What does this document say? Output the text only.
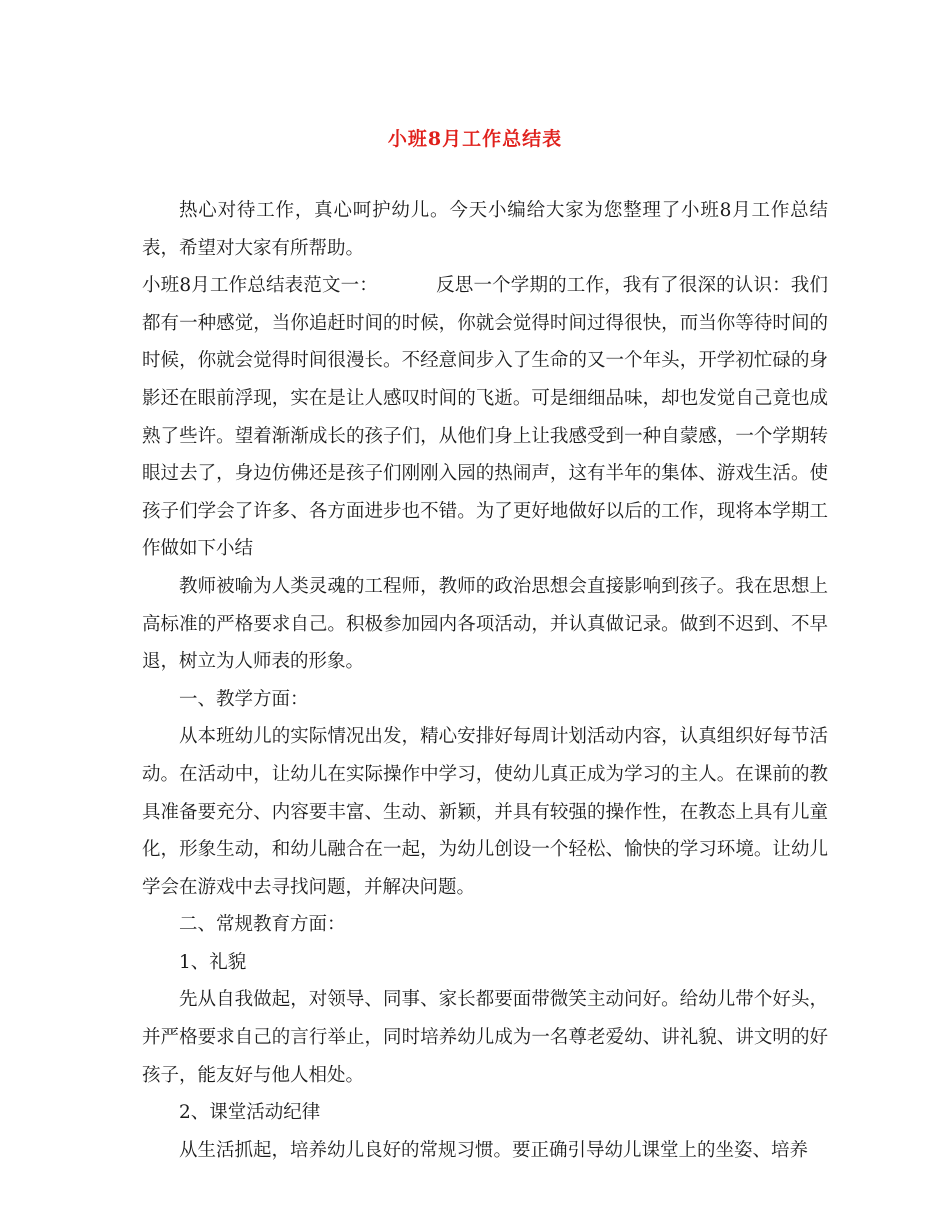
小班8月工作总结表

热心对待工作，真心呵护幼儿。今天小编给大家为您整理了小班8月工作总结表，希望对大家有所帮助。

小班8月工作总结表范文一：	反思一个学期的工作，我有了很深的认识：我们都有一种感觉，当你追赶时间的时候，你就会觉得时间过得很快，而当你等待时间的时候，你就会觉得时间很漫长。不经意间步入了生命的又一个年头，开学初忙碌的身影还在眼前浮现，实在是让人感叹时间的飞逝。可是细细品味，却也发觉自己竟也成熟了些许。望着渐渐成长的孩子们，从他们身上让我感受到一种自蒙感，一个学期转眼过去了，身边仿佛还是孩子们刚刚入园的热闹声，这有半年的集体、游戏生活。使孩子们学会了许多、各方面进步也不错。为了更好地做好以后的工作，现将本学期工作做如下小结

教师被喻为人类灵魂的工程师，教师的政治思想会直接影响到孩子。我在思想上高标准的严格要求自己。积极参加园内各项活动，并认真做记录。做到不迟到、不早退，树立为人师表的形象。

一、教学方面：

从本班幼儿的实际情况出发，精心安排好每周计划活动内容，认真组织好每节活动。在活动中，让幼儿在实际操作中学习，使幼儿真正成为学习的主人。在课前的教具准备要充分、内容要丰富、生动、新颖，并具有较强的操作性，在教态上具有儿童化，形象生动，和幼儿融合在一起，为幼儿创设一个轻松、愉快的学习环境。让幼儿学会在游戏中去寻找问题，并解决问题。

二、常规教育方面：

1、礼貌

先从自我做起，对领导、同事、家长都要面带微笑主动问好。给幼儿带个好头，并严格要求自己的言行举止，同时培养幼儿成为一名尊老爱幼、讲礼貌、讲文明的好孩子，能友好与他人相处。

2、课堂活动纪律

从生活抓起，培养幼儿良好的常规习惯。要正确引导幼儿课堂上的坐姿、培养
